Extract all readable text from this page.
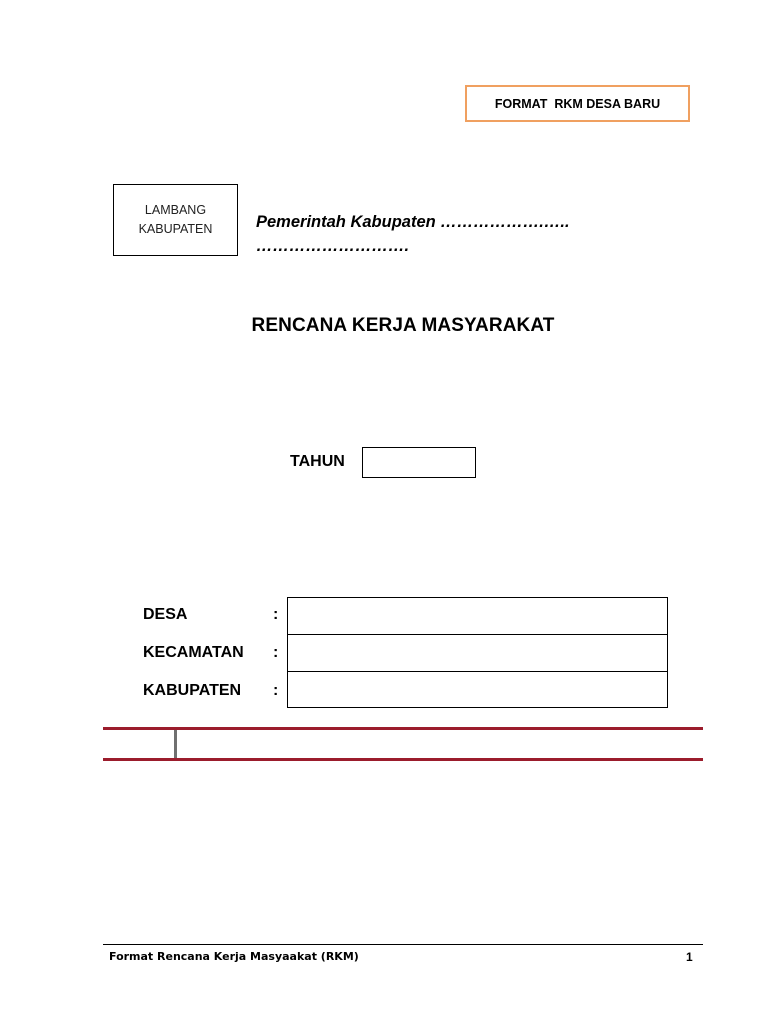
FORMAT  RKM DESA BARU
LAMBANG
KABUPATEN	Pemerintah Kabupaten ……………….…..
……………………….
RENCANA KERJA MASYARAKAT
TAHUN
DESA	:
KECAMATAN :
KABUPATEN :
Format Rencana Kerja Masyaakat (RKM)	1
